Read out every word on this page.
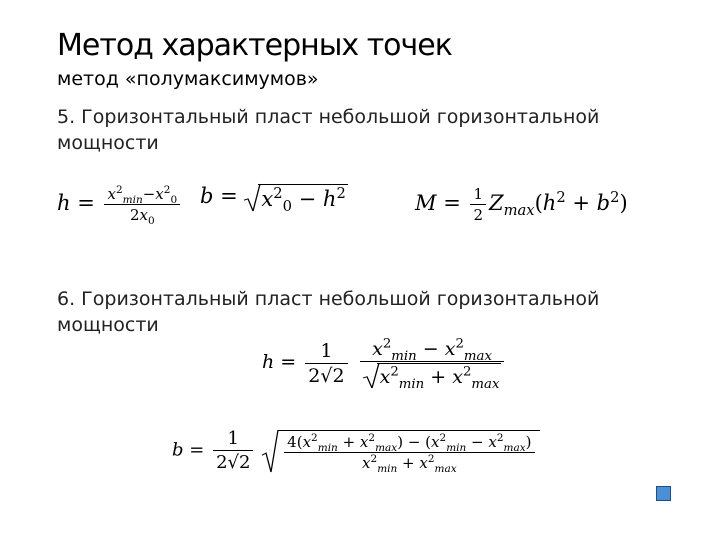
Метод характерных точек
метод «полумаксимумов»
5. Горизонтальный пласт небольшой горизонтальной мощности
$h = \frac{x^2_{min}-x^2_0}{2x_0}$ b =
$x^2_0 - h^2$	$M = \frac{1}{2} Z_{max}(h^2 + b^2)$
6. Горизонтальный пласт небольшой горизонтальной мощности
$h = \frac{1}{2√2}$
$\frac{x^2_{min} - x^2_{max}}{x^2_{min} + x^2_{max}}$
$b = \frac{1}{2√2}$
$\frac{4(x^2_{min} + x^2_{max}) - (x^2_{min} - x^2_{max})}{x^2_{min} + x^2_{max}}$
